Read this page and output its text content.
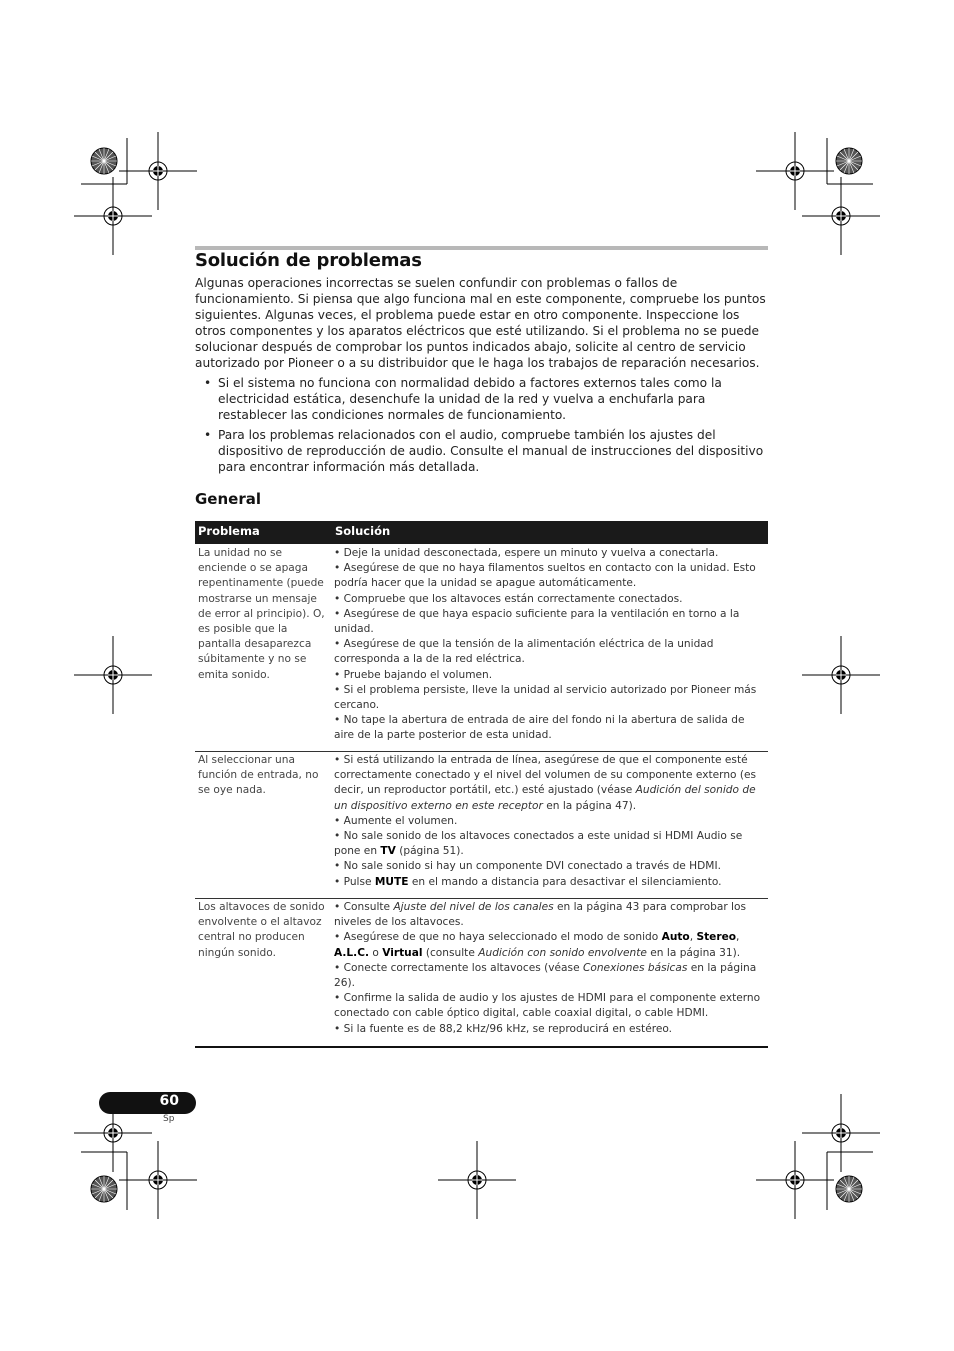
Solución de problemas

Algunas operaciones incorrectas se suelen confundir con problemas o fallos de funcionamiento. Si piensa que algo funciona mal en este componente, compruebe los puntos siguientes. Algunas veces, el problema puede estar en otro componente. Inspeccione los otros componentes y los aparatos eléctricos que esté utilizando. Si el problema no se puede solucionar después de comprobar los puntos indicados abajo, solicite al centro de servicio autorizado por Pioneer o a su distribuidor que le haga los trabajos de reparación necesarios.

• Si el sistema no funciona con normalidad debido a factores externos tales como la electricidad estática, desenchufe la unidad de la red y vuelva a enchufarla para restablecer las condiciones normales de funcionamiento.
• Para los problemas relacionados con el audio, compruebe también los ajustes del dispositivo de reproducción de audio. Consulte el manual de instrucciones del dispositivo para encontrar información más detallada.
General
Problema	Solución
La unidad no se enciende o se apaga repentinamente (puede mostrarse un mensaje de error al principio). O, es posible que la pantalla desaparezca súbitamente y no se emita sonido.

• Deje la unidad desconectada, espere un minuto y vuelva a conectarla.

• Asegúrese de que no haya filamentos sueltos en contacto con la unidad. Esto podría hacer que la unidad se apague automáticamente.

• Compruebe que los altavoces están correctamente conectados.

• Asegúrese de que haya espacio suficiente para la ventilación en torno a la unidad.

• Asegúrese de que la tensión de la alimentación eléctrica de la unidad corresponda a la de la red eléctrica.

• Pruebe bajando el volumen.

• Si el problema persiste, lleve la unidad al servicio autorizado por Pioneer más cercano.

• No tape la abertura de entrada de aire del fondo ni la abertura de salida de aire de la parte posterior de esta unidad.

Al seleccionar una función de entrada, no se oye nada.

• Si está utilizando la entrada de línea, asegúrese de que el componente esté correctamente conectado y el nivel del volumen de su componente externo (es decir, un reproductor portátil, etc.) esté ajustado (véase Audición del sonido de un dispositivo externo en este receptor en la página 47).

• Aumente el volumen.

• No sale sonido de los altavoces conectados a este unidad si HDMI Audio se pone en TV (página 51).

• No sale sonido si hay un componente DVI conectado a través de HDMI.

• Pulse MUTE en el mando a distancia para desactivar el silenciamiento.

Los altavoces de sonido envolvente o el altavoz central no producen ningún sonido.

• Consulte Ajuste del nivel de los canales en la página 43 para comprobar los niveles de los altavoces.

• Asegúrese de que no haya seleccionado el modo de sonido Auto, Stereo, A.L.C. o Virtual (consulte Audición con sonido envolvente en la página 31).

• Conecte correctamente los altavoces (véase Conexiones básicas en la página 26).

• Confirme la salida de audio y los ajustes de HDMI para el componente externo conectado con cable óptico digital, cable coaxial digital, o cable HDMI.

• Si la fuente es de 88,2 kHz/96 kHz, se reproducirá en estéreo.

60
Sp
